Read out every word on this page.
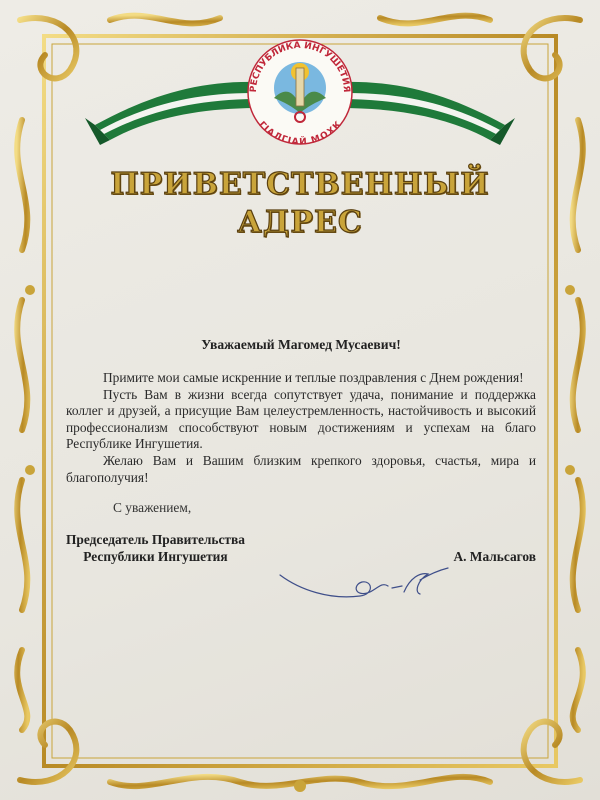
РЕСПУБЛИКА ИНГУШЕТИЯ
ГIАЛГIАЙ МОХК
ПРИВЕТСТВЕННЫЙ
АДРЕС
Уважаемый Магомед Мусаевич!

Примите мои самые искренние и теплые поздравления с Днем рождения!

Пусть Вам в жизни всегда сопутствует удача, понимание и поддержка коллег и друзей, а присущие Вам целеустремленность, настойчивость и высокий профессионализм способствуют новым достижениям и успехам на благо Республике Ингушетия.

Желаю Вам и Вашим близким крепкого здоровья, счастья, мира и благополучия!

С уважением,
Председатель Правительства
Республики Ингушетия	А. Мальсагов
